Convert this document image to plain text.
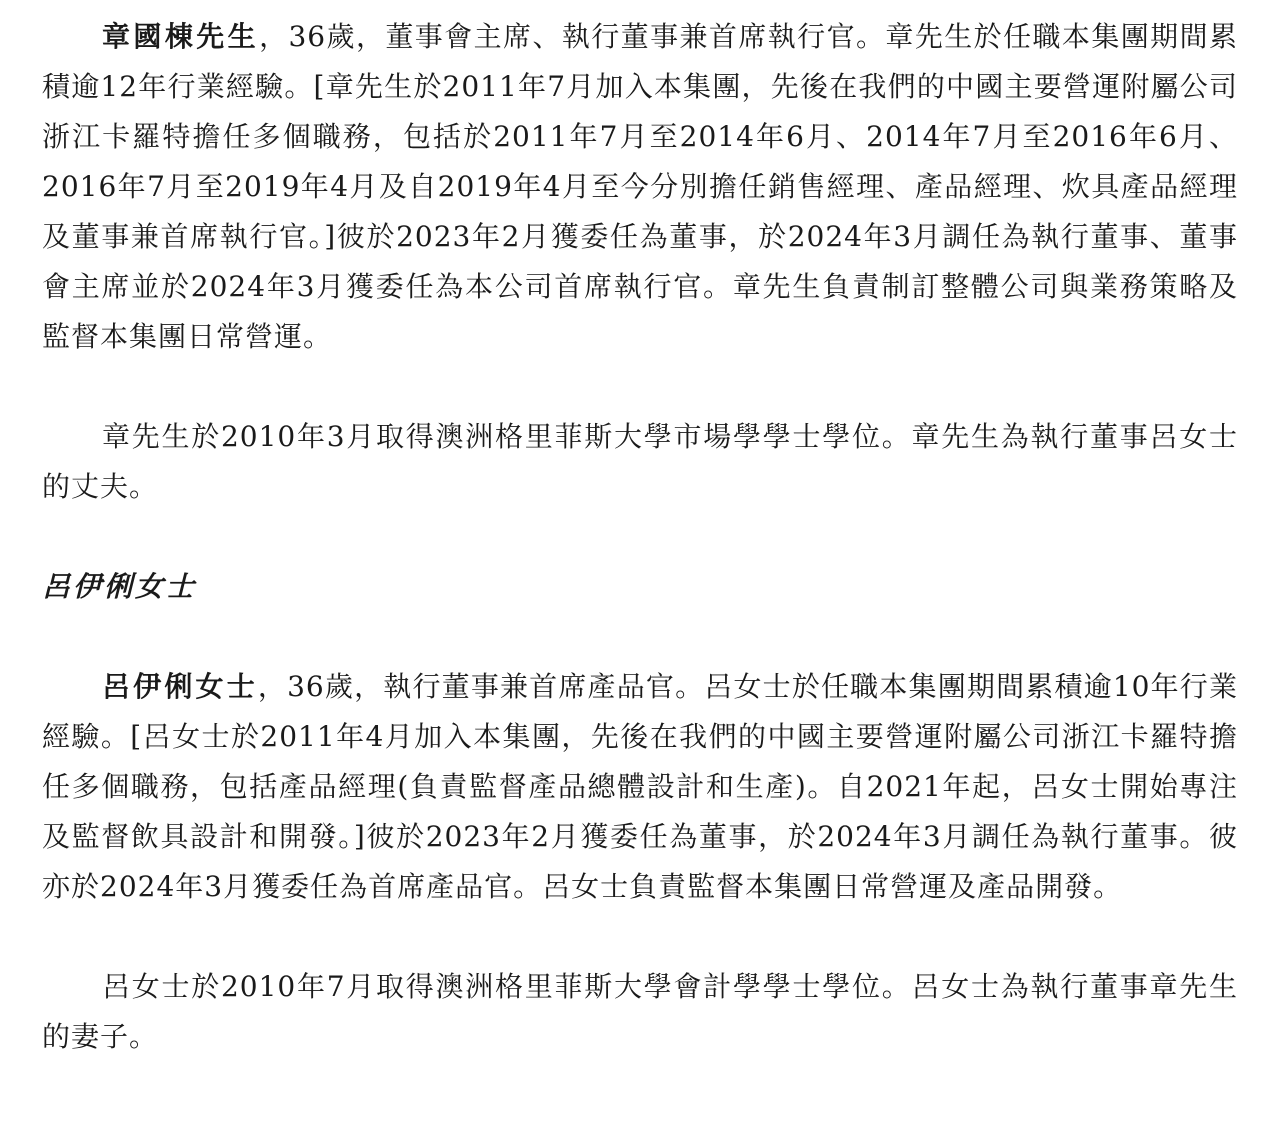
章國棟先生，36歲，董事會主席、執行董事兼首席執行官。章先生於任職本集團期間累積逾12年行業經驗。[章先生於2011年7月加入本集團，先後在我們的中國主要營運附屬公司浙江卡羅特擔任多個職務，包括於2011年7月至2014年6月、2014年7月至2016年6月、2016年7月至2019年4月及自2019年4月至今分別擔任銷售經理、產品經理、炊具產品經理及董事兼首席執行官。]彼於2023年2月獲委任為董事，於2024年3月調任為執行董事、董事會主席並於2024年3月獲委任為本公司首席執行官。章先生負責制訂整體公司與業務策略及監督本集團日常營運。

章先生於2010年3月取得澳洲格里菲斯大學市場學學士學位。章先生為執行董事呂女士的丈夫。

呂伊俐女士

呂伊俐女士，36歲，執行董事兼首席產品官。呂女士於任職本集團期間累積逾10年行業經驗。[呂女士於2011年4月加入本集團，先後在我們的中國主要營運附屬公司浙江卡羅特擔任多個職務，包括產品經理(負責監督產品總體設計和生產)。自2021年起，呂女士開始專注及監督飲具設計和開發。]彼於2023年2月獲委任為董事，於2024年3月調任為執行董事。彼亦於2024年3月獲委任為首席產品官。呂女士負責監督本集團日常營運及產品開發。

呂女士於2010年7月取得澳洲格里菲斯大學會計學學士學位。呂女士為執行董事章先生的妻子。
